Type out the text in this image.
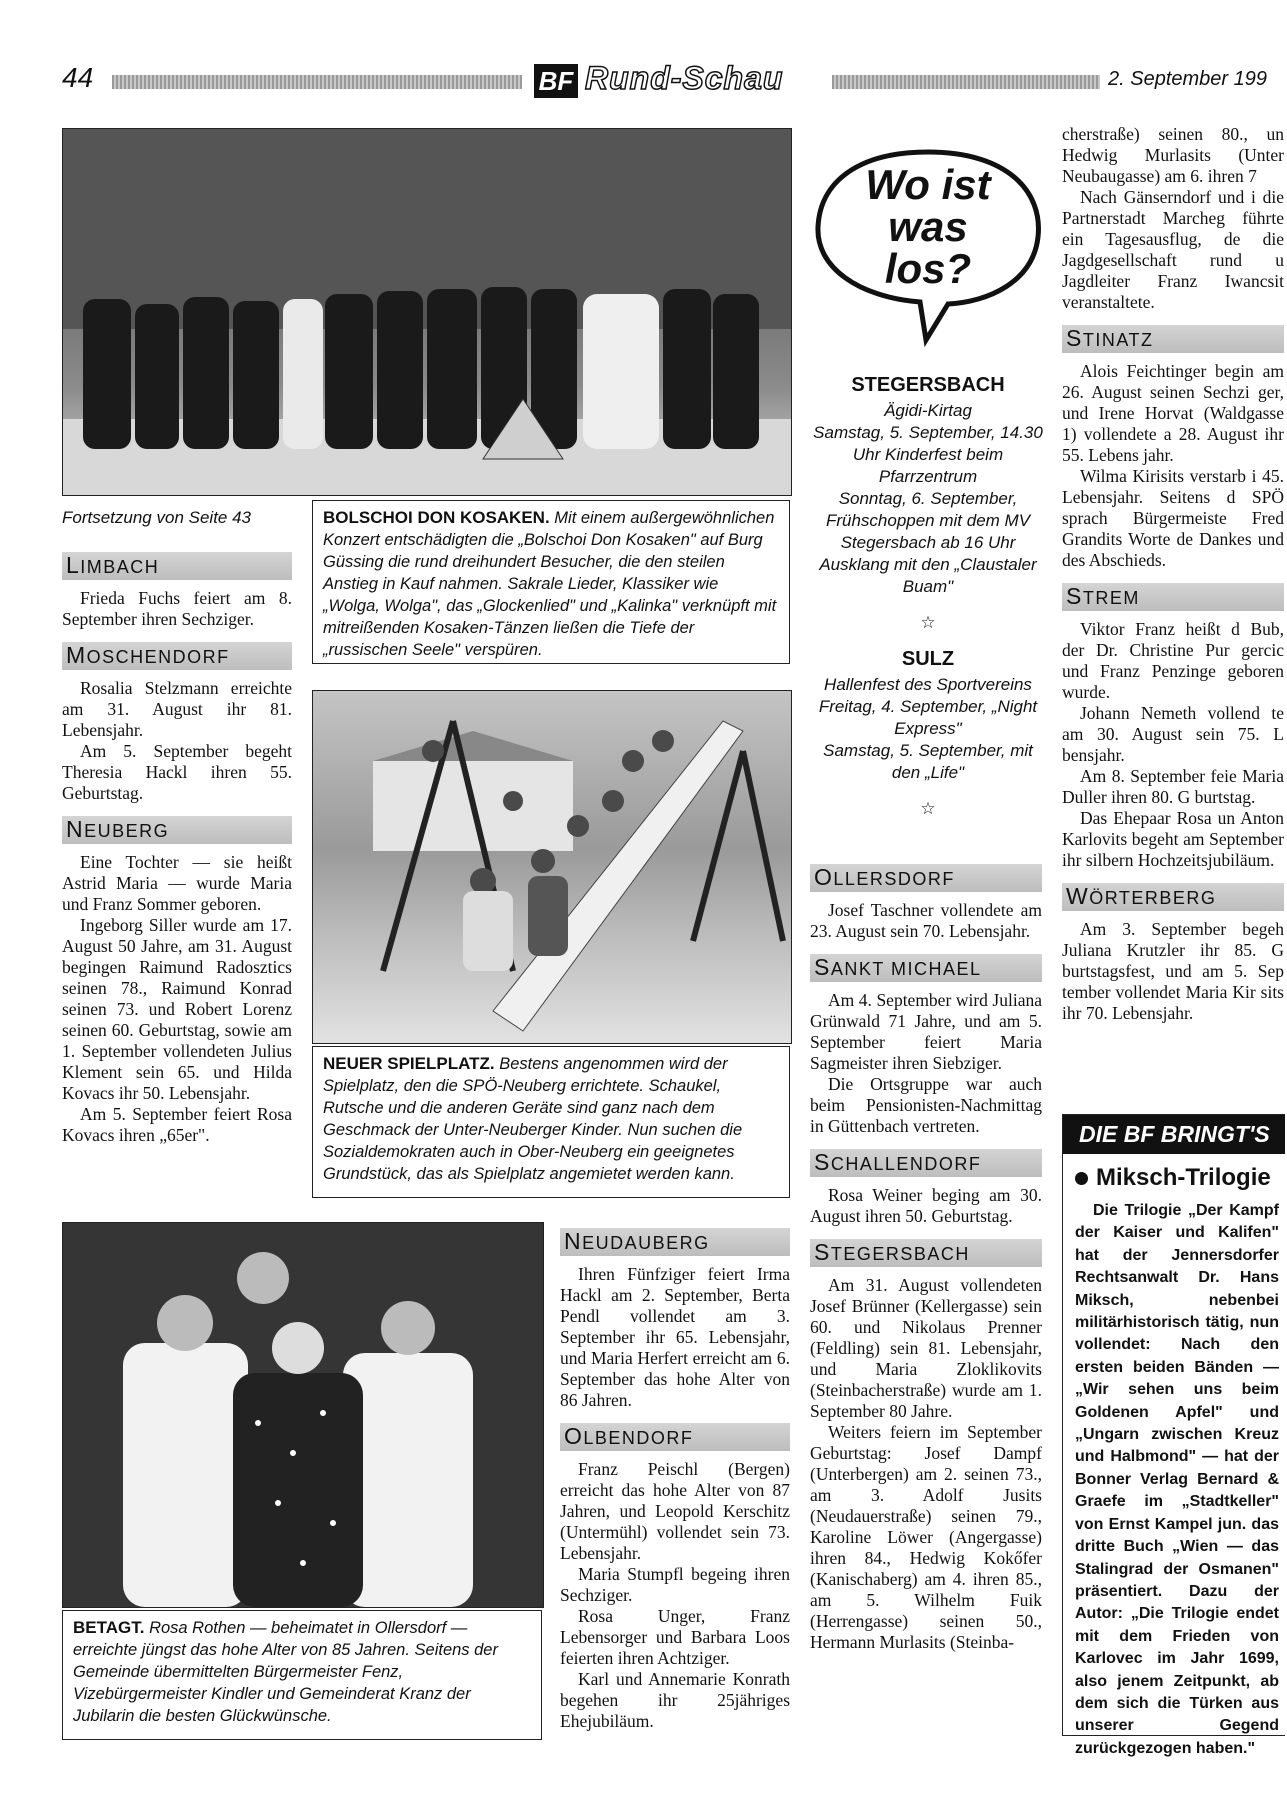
44	BF Rund-Schau	2. September 199
Fortsetzung von Seite 43	BOLSCHOI DON KOSAKEN. Mit einem außergewöhnlichen Konzert entschädigten die „Bolschoi Don Kosaken" auf Burg Güssing die rund dreihundert Besucher, die den steilen Anstieg in Kauf nahmen. Sakrale Lieder, Klassiker wie „Wolga, Wolga", das „Glockenlied" und „Kalinka" verknüpft mit mitreißenden Kosaken-Tänzen ließen die Tiefe der „russischen Seele" verspüren.
LIMBACH

Frieda Fuchs feiert am 8. September ihren Sechziger.

MOSCHENDORF

Rosalia Stelzmann erreichte am 31. August ihr 81. Lebensjahr.

Am 5. September begeht Theresia Hackl ihren 55. Geburtstag.

NEUBERG

Eine Tochter — sie heißt Astrid Maria — wurde Maria und Franz Sommer geboren.

Ingeborg Siller wurde am 17. August 50 Jahre, am 31. August begingen Raimund Radosztics seinen 78., Raimund Konrad seinen 73. und Robert Lorenz seinen 60. Geburtstag, sowie am 1. September vollendeten Julius Klement sein 65. und Hilda Kovacs ihr 50. Lebensjahr.

Am 5. September feiert Rosa Kovacs ihren „65er".

NEUER SPIELPLATZ. Bestens angenommen wird der Spielplatz, den die SPÖ-Neuberg errichtete. Schaukel, Rutsche und die anderen Geräte sind ganz nach dem Geschmack der Unter-Neuberger Kinder. Nun suchen die Sozialdemokraten auch in Ober-Neuberg ein geeignetes Grundstück, das als Spielplatz angemietet werden kann.
BETAGT. Rosa Rothen — beheimatet in Ollersdorf — erreichte jüngst das hohe Alter von 85 Jahren. Seitens der Gemeinde übermittelten Bürgermeister Fenz, Vizebürgermeister Kindler und Gemeinderat Kranz der Jubilarin die besten Glückwünsche.
NEUDAUBERG

Ihren Fünfziger feiert Irma Hackl am 2. September, Berta Pendl vollendet am 3. September ihr 65. Lebensjahr, und Maria Herfert erreicht am 6. September das hohe Alter von 86 Jahren.

OLBENDORF

Franz Peischl (Bergen) erreicht das hohe Alter von 87 Jahren, und Leopold Kerschitz (Untermühl) vollendet sein 73. Lebensjahr.

Maria Stumpfl begeing ihren Sechziger.

Rosa Unger, Franz Lebensorger und Barbara Loos feierten ihren Achtziger.

Karl und Annemarie Konrath begehen ihr 25jähriges Ehejubiläum.

Wo ist was los?
STEGERSBACH
Ägidi-Kirtag
Samstag, 5. September, 14.30 Uhr Kinderfest beim Pfarrzentrum
Sonntag, 6. September, Frühschoppen mit dem MV Stegersbach ab 16 Uhr Ausklang mit den „Claustaler Buam"
☆
SULZ
Hallenfest des Sportvereins
Freitag, 4. September, „Night Express"
Samstag, 5. September, mit den „Life"
☆
OLLERSDORF

Josef Taschner vollendete am 23. August sein 70. Lebensjahr.

SANKT MICHAEL

Am 4. September wird Juliana Grünwald 71 Jahre, und am 5. September feiert Maria Sagmeister ihren Siebziger.

Die Ortsgruppe war auch beim Pensionisten-Nachmittag in Güttenbach vertreten.

SCHALLENDORF

Rosa Weiner beging am 30. August ihren 50. Geburtstag.

STEGERSBACH

Am 31. August vollendeten Josef Brünner (Kellergasse) sein 60. und Nikolaus Prenner (Feldling) sein 81. Lebensjahr, und Maria Zloklikovits (Steinbacherstraße) wurde am 1. September 80 Jahre.

Weiters feiern im September Geburtstag: Josef Dampf (Unterbergen) am 2. seinen 73., am 3. Adolf Jusits (Neudauerstraße) seinen 79., Karoline Löwer (Angergasse) ihren 84., Hedwig Kokőfer (Kanischaberg) am 4. ihren 85., am 5. Wilhelm Fuik (Herrengasse) seinen 50., Hermann Murlasits (Steinba-

cherstraße) seinen 80., un Hedwig Murlasits (Unter Neubaugasse) am 6. ihren 7

Nach Gänserndorf und i die Partnerstadt Marcheg führte ein Tagesausflug, de die Jagdgesellschaft rund u Jagdleiter Franz Iwancsit veranstaltete.

STINATZ

Alois Feichtinger begin am 26. August seinen Sechzi ger, und Irene Horvat (Waldgasse 1) vollendete a 28. August ihr 55. Lebens jahr.

Wilma Kirisits verstarb i 45. Lebensjahr. Seitens d SPÖ sprach Bürgermeiste Fred Grandits Worte de Dankes und des Abschieds.

STREM

Viktor Franz heißt d Bub, der Dr. Christine Pur gercic und Franz Penzinge geboren wurde.

Johann Nemeth vollend te am 30. August sein 75. L bensjahr.

Am 8. September feie Maria Duller ihren 80. G burtstag.

Das Ehepaar Rosa un Anton Karlovits begeht am September ihr silbern Hochzeitsjubiläum.

WÖRTERBERG

Am 3. September begeh Juliana Krutzler ihr 85. G burtstagsfest, und am 5. Sep tember vollendet Maria Kir sits ihr 70. Lebensjahr.

DIE BF BRINGT'S
Miksch-Trilogie
Die Trilogie „Der Kampf der Kaiser und Kalifen" hat der Jennersdorfer Rechtsanwalt Dr. Hans Miksch, nebenbei militärhistorisch tätig, nun vollendet: Nach den ersten beiden Bänden — „Wir sehen uns beim Goldenen Apfel" und „Ungarn zwischen Kreuz und Halbmond" — hat der Bonner Verlag Bernard & Graefe im „Stadtkeller" von Ernst Kampel jun. das dritte Buch „Wien — das Stalingrad der Osmanen" präsentiert. Dazu der Autor: „Die Trilogie endet mit dem Frieden von Karlovec im Jahr 1699, also jenem Zeitpunkt, ab dem sich die Türken aus unserer Gegend zurückgezogen haben."
